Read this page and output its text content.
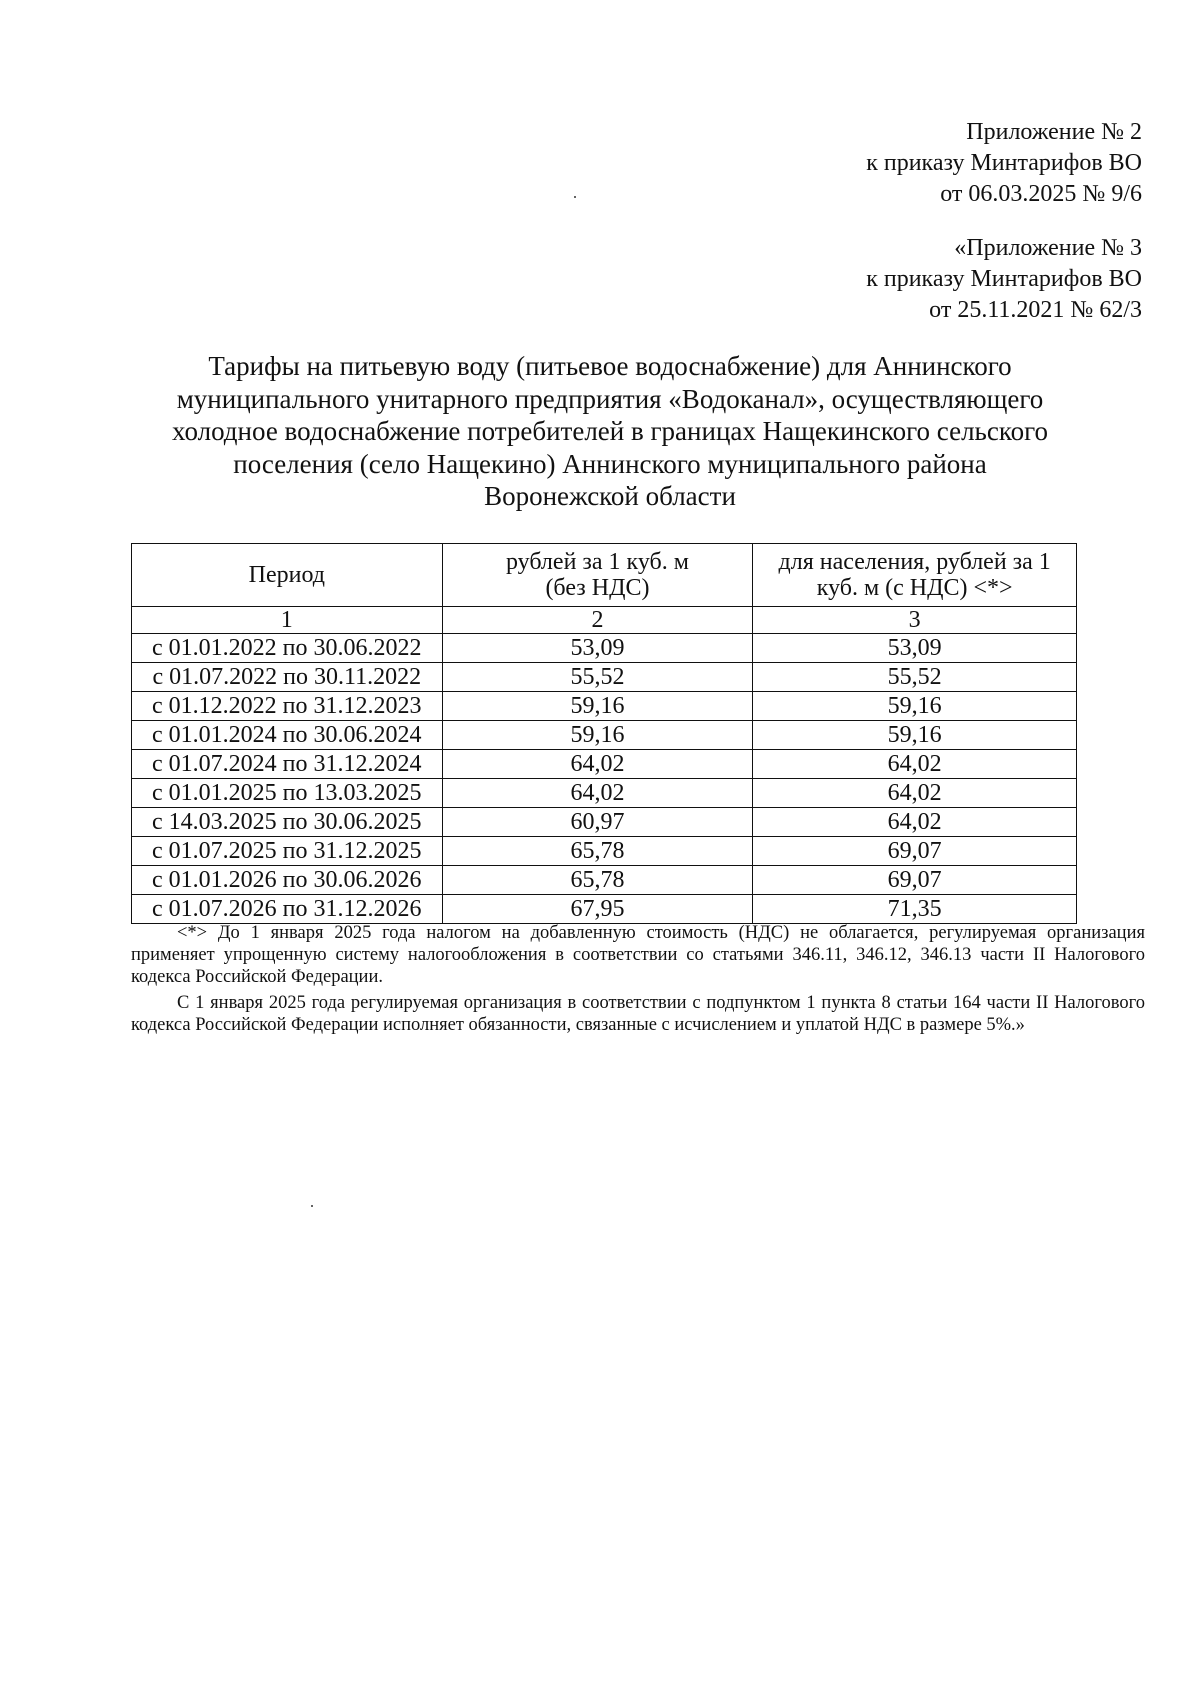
Приложение № 2
к приказу Минтарифов ВО
от 06.03.2025 № 9/6
«Приложение № 3
к приказу Минтарифов ВО
от 25.11.2021 № 62/3
Тарифы на питьевую воду (питьевое водоснабжение) для Аннинского
муниципального унитарного предприятия «Водоканал», осуществляющего
холодное водоснабжение потребителей в границах Нащекинского сельского
поселения (село Нащекино) Аннинского муниципального района
Воронежской области
Период	рублей за 1 куб. м (без НДС)	для населения, рублей за 1 куб. м (с НДС) <*>

1	2	3
с 01.01.2022 по 30.06.2022	53,09	53,09
с 01.07.2022 по 30.11.2022	55,52	55,52
с 01.12.2022 по 31.12.2023	59,16	59,16
с 01.01.2024 по 30.06.2024	59,16	59,16
с 01.07.2024 по 31.12.2024	64,02	64,02
с 01.01.2025 по 13.03.2025	64,02	64,02
с 14.03.2025 по 30.06.2025	60,97	64,02
с 01.07.2025 по 31.12.2025	65,78	69,07
с 01.01.2026 по 30.06.2026	65,78	69,07
с 01.07.2026 по 31.12.2026	67,95	71,35

<*> До 1 января 2025 года налогом на добавленную стоимость (НДС) не облагается, регулируемая организация применяет упрощенную систему налогообложения в соответствии со статьями 346.11, 346.12, 346.13 части II Налогового кодекса Российской Федерации.

С 1 января 2025 года регулируемая организация в соответствии с подпунктом 1 пункта 8 статьи 164 части II Налогового кодекса Российской Федерации исполняет обязанности, связанные с исчислением и уплатой НДС в размере 5%.»
